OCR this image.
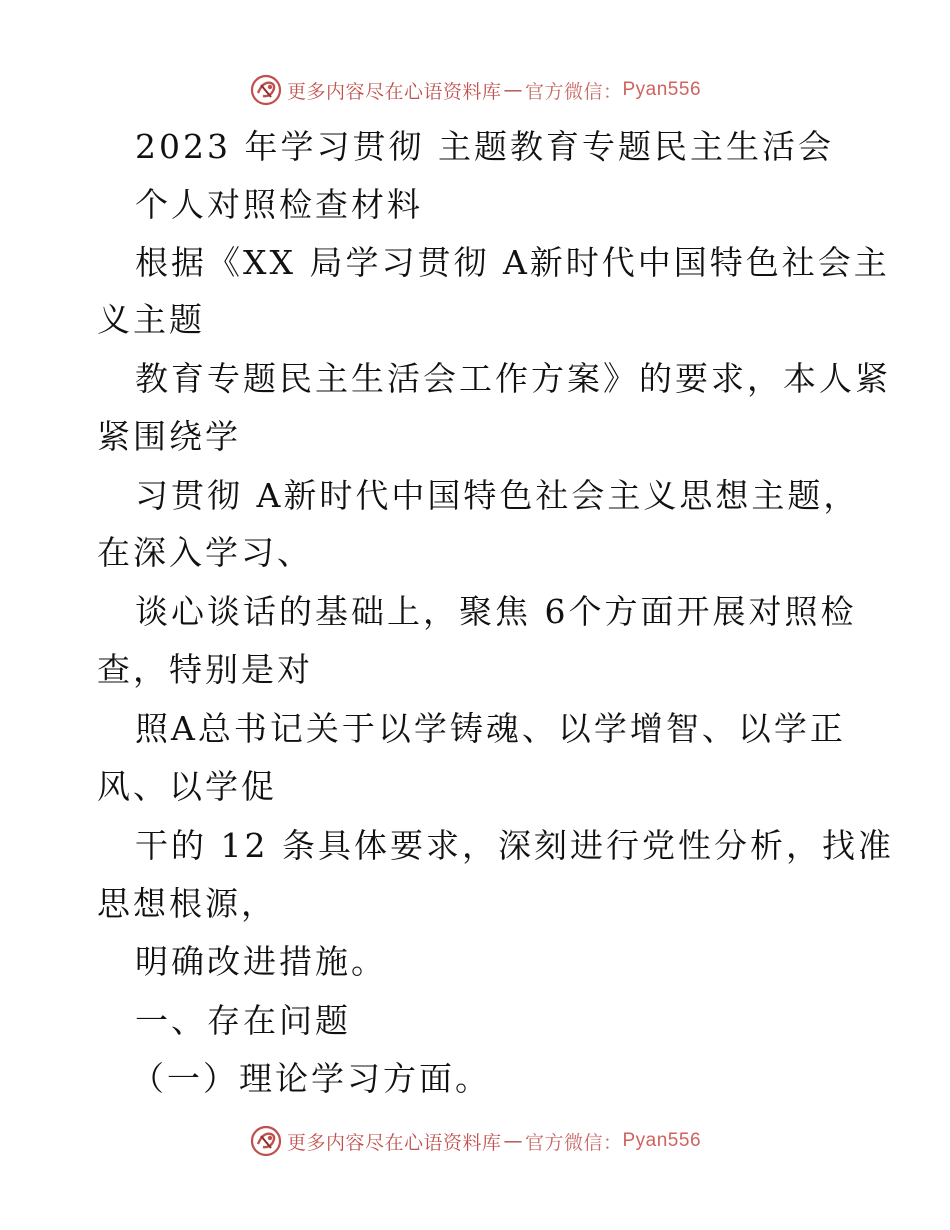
更多内容尽在心语资料库 — 官方微信： Pyan556
2023 年学习贯彻 主题教育专题民主生活会
个人对照检查材料
根据《XX 局学习贯彻 A新时代中国特色社会主
义主题
教育专题民主生活会工作方案》的要求，本人紧
紧围绕学
习贯彻 A新时代中国特色社会主义思想主题，
在深入学习、
谈心谈话的基础上，聚焦 6个方面开展对照检
查，特别是对
照A总书记关于以学铸魂、以学增智、以学正
风、以学促
干的 12 条具体要求，深刻进行党性分析，找准
思想根源，
明确改进措施。
一、存在问题
（一）理论学习方面。
更多内容尽在心语资料库 — 官方微信： Pyan556
